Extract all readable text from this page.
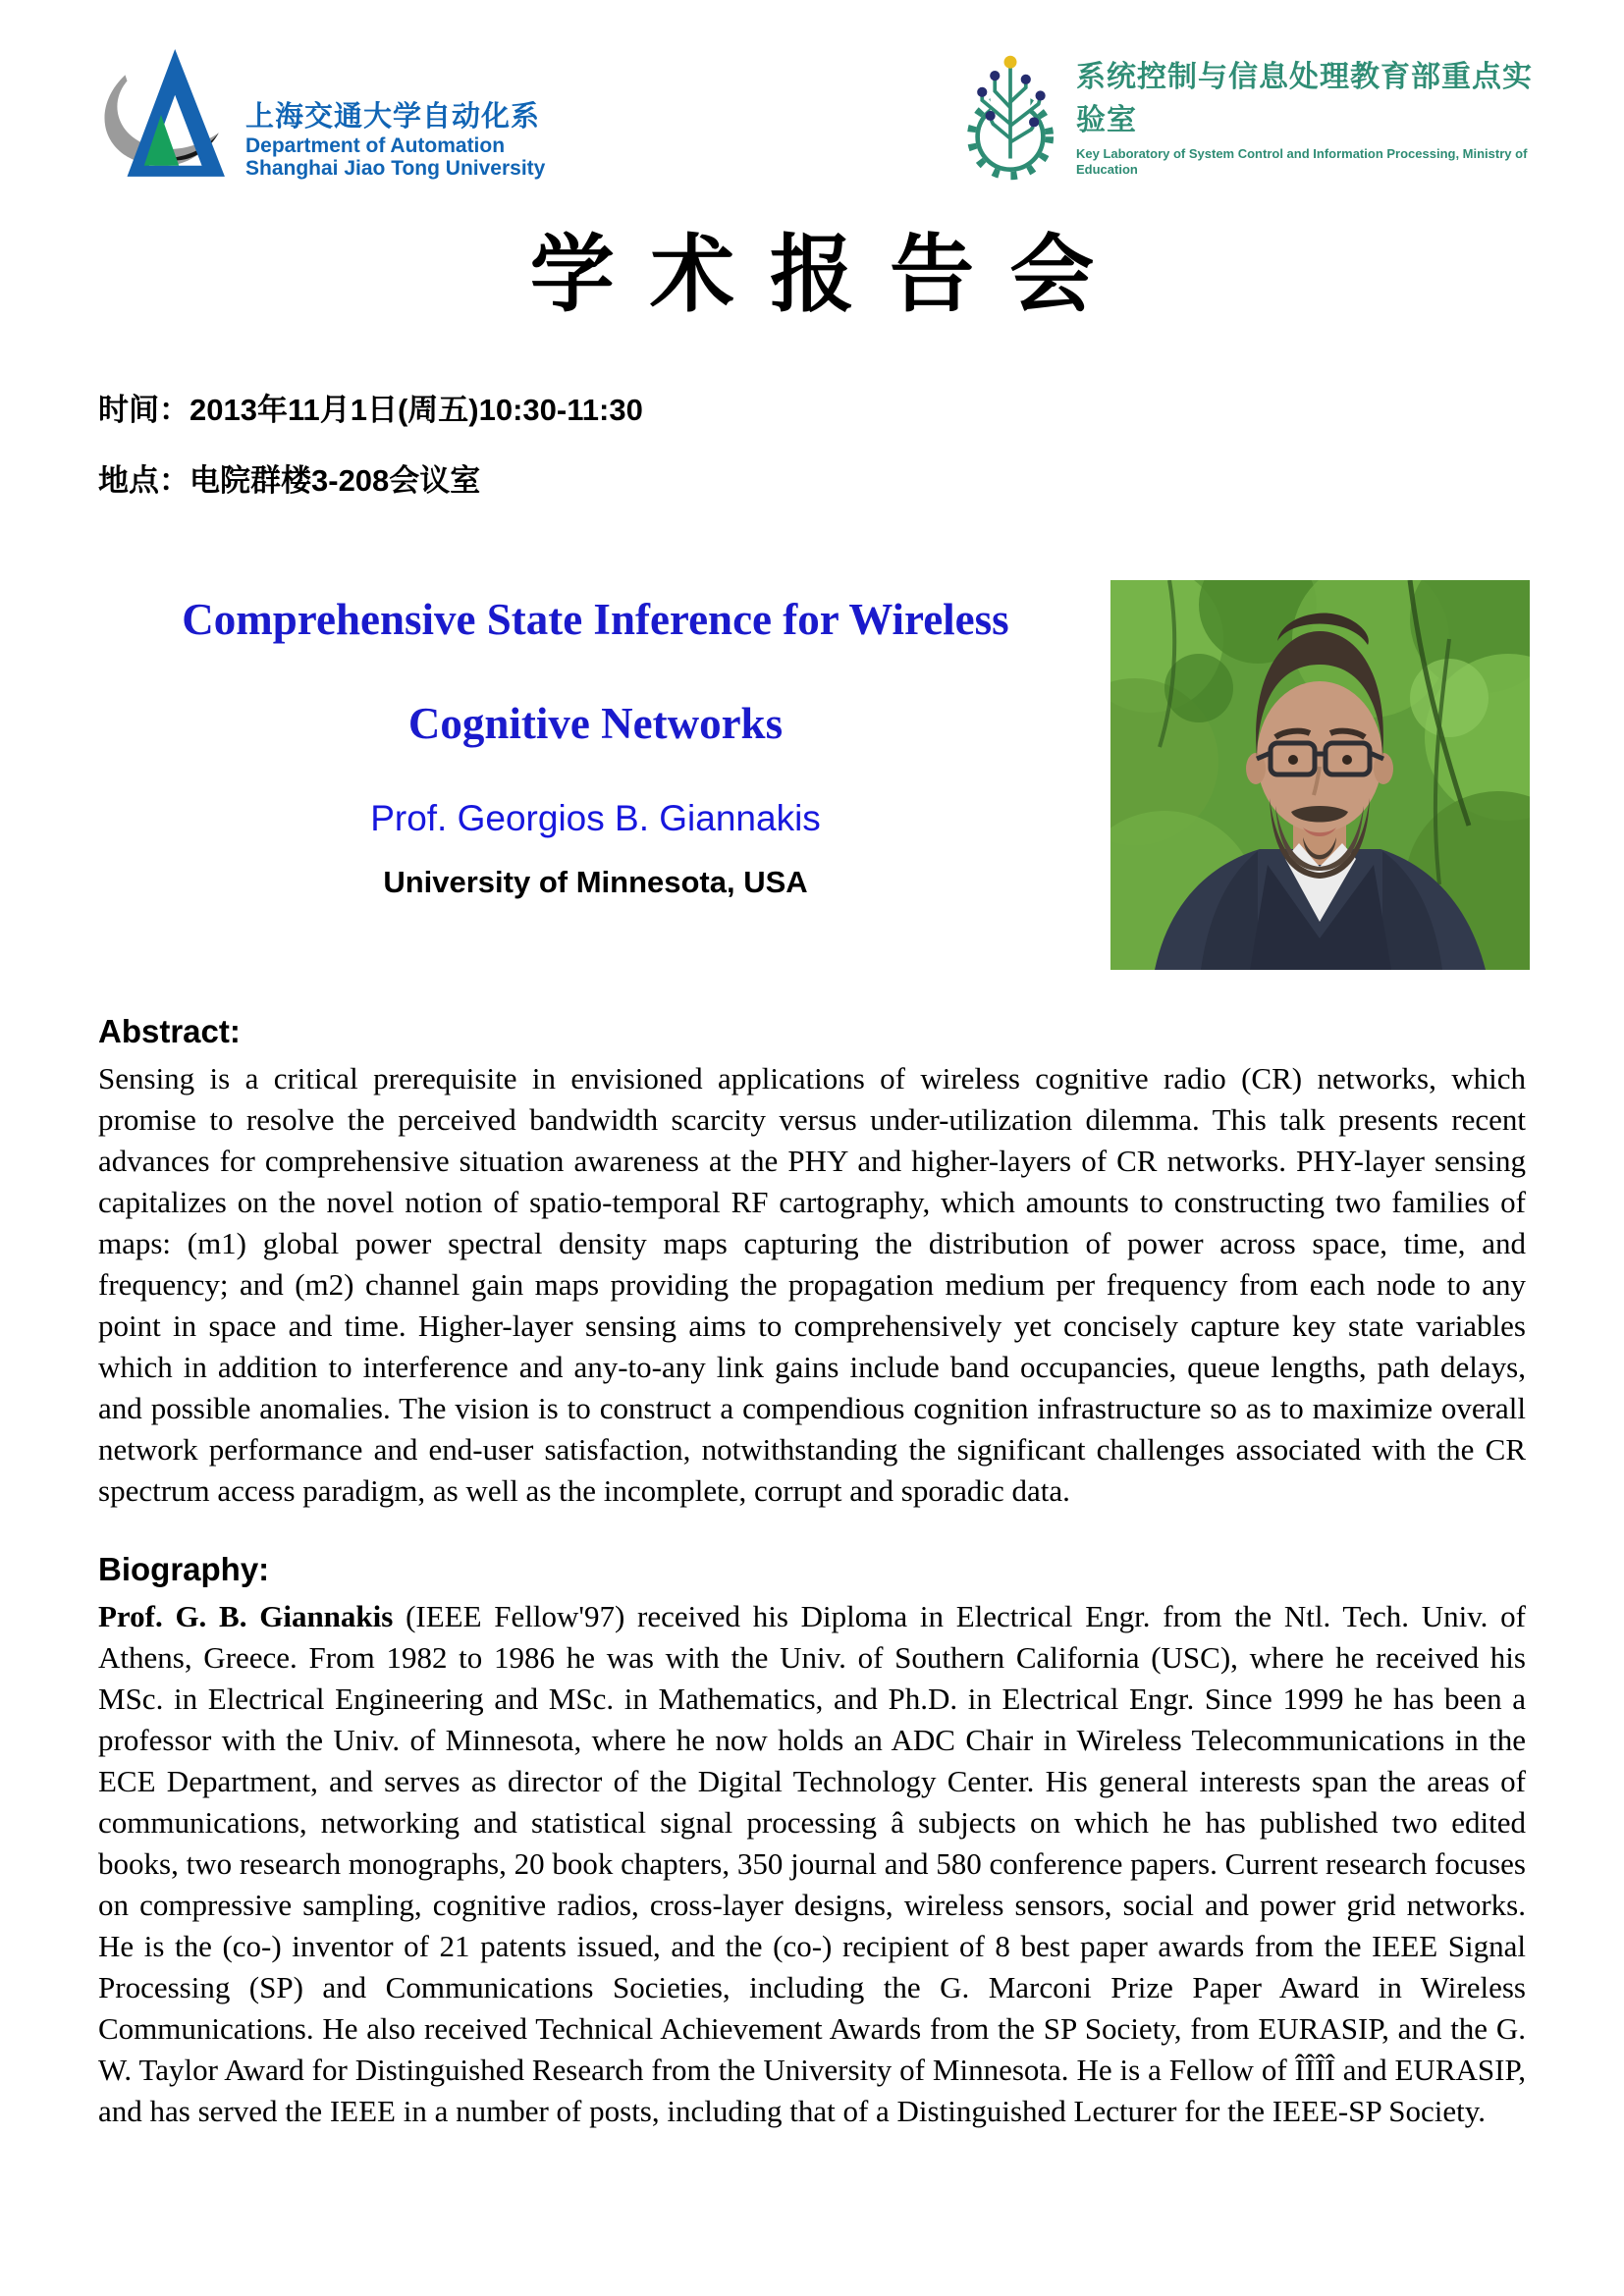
上海交通大学自动化系
Department of Automation
Shanghai Jiao Tong University
系统控制与信息处理教育部重点实验室
Key Laboratory of System Control and Information Processing, Ministry of Education
学术报告会
时间：2013年11月1日(周五)10:30-11:30
地点：电院群楼3-208会议室
Comprehensive State Inference for Wireless
Cognitive Networks
Prof. Georgios B. Giannakis
University of Minnesota, USA
Abstract:

Sensing is a critical prerequisite in envisioned applications of wireless cognitive radio (CR) networks, which promise to resolve the perceived bandwidth scarcity versus under-utilization dilemma. This talk presents recent advances for comprehensive situation awareness at the PHY and higher-layers of CR networks. PHY-layer sensing capitalizes on the novel notion of spatio-temporal RF cartography, which amounts to constructing two families of maps: (m1) global power spectral density maps capturing the distribution of power across space, time, and frequency; and (m2) channel gain maps providing the propagation medium per frequency from each node to any point in space and time. Higher-layer sensing aims to comprehensively yet concisely capture key state variables which in addition to interference and any-to-any link gains include band occupancies, queue lengths, path delays, and possible anomalies. The vision is to construct a compendious cognition infrastructure so as to maximize overall network performance and end-user satisfaction, notwithstanding the significant challenges associated with the CR spectrum access paradigm, as well as the incomplete, corrupt and sporadic data.

Biography:

Prof. G. B. Giannakis (IEEE Fellow'97) received his Diploma in Electrical Engr. from the Ntl. Tech. Univ. of Athens, Greece. From 1982 to 1986 he was with the Univ. of Southern California (USC), where he received his MSc. in Electrical Engineering and MSc. in Mathematics, and Ph.D. in Electrical Engr. Since 1999 he has been a professor with the Univ. of Minnesota, where he now holds an ADC Chair in Wireless Telecommunications in the ECE Department, and serves as director of the Digital Technology Center. His general interests span the areas of communications, networking and statistical signal processing â subjects on which he has published two edited books, two research monographs, 20 book chapters, 350 journal and 580 conference papers. Current research focuses on compressive sampling, cognitive radios, cross-layer designs, wireless sensors, social and power grid networks. He is the (co-) inventor of 21 patents issued, and the (co-) recipient of 8 best paper awards from the IEEE Signal Processing (SP) and Communications Societies, including the G. Marconi Prize Paper Award in Wireless Communications. He also received Technical Achievement Awards from the SP Society, from EURASIP, and the G. W. Taylor Award for Distinguished Research from the University of Minnesota. He is a Fellow of ÎÎÎÎ and EURASIP, and has served the IEEE in a number of posts, including that of a Distinguished Lecturer for the IEEE-SP Society.
